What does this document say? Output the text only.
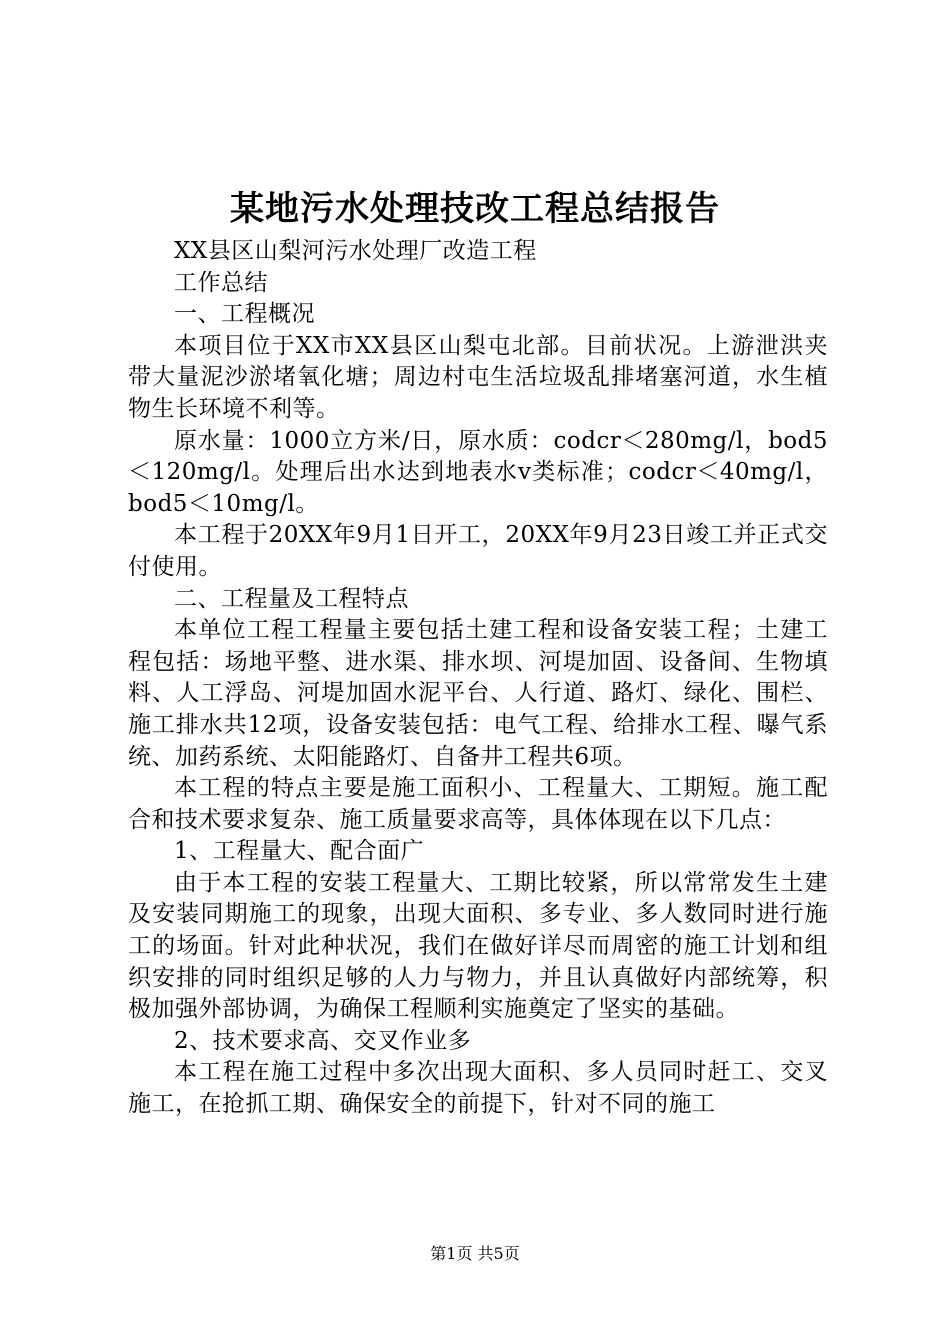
某地污水处理技改工程总结报告

XX县区山梨河污水处理厂改造工程

工作总结

一、工程概况

本项目位于XX市XX县区山梨屯北部。目前状况。上游泄洪夹带大量泥沙淤堵氧化塘；周边村屯生活垃圾乱排堵塞河道，水生植物生长环境不利等。

原水量：1000立方米/日，原水质：codcr＜280mg/l，bod5＜120mg/l。处理后出水达到地表水v类标准；codcr＜40mg/l，bod5＜10mg/l。

本工程于20XX年9月1日开工，20XX年9月23日竣工并正式交付使用。

二、工程量及工程特点

本单位工程工程量主要包括土建工程和设备安装工程；土建工程包括：场地平整、进水渠、排水坝、河堤加固、设备间、生物填料、人工浮岛、河堤加固水泥平台、人行道、路灯、绿化、围栏、施工排水共12项，设备安装包括：电气工程、给排水工程、曝气系统、加药系统、太阳能路灯、自备井工程共6项。

本工程的特点主要是施工面积小、工程量大、工期短。施工配合和技术要求复杂、施工质量要求高等，具体体现在以下几点：

1、工程量大、配合面广

由于本工程的安装工程量大、工期比较紧，所以常常发生土建及安装同期施工的现象，出现大面积、多专业、多人数同时进行施工的场面。针对此种状况，我们在做好详尽而周密的施工计划和组织安排的同时组织足够的人力与物力，并且认真做好内部统筹，积极加强外部协调，为确保工程顺利实施奠定了坚实的基础。

2、技术要求高、交叉作业多

本工程在施工过程中多次出现大面积、多人员同时赶工、交叉施工，在抢抓工期、确保安全的前提下，针对不同的施工

第1页 共5页
